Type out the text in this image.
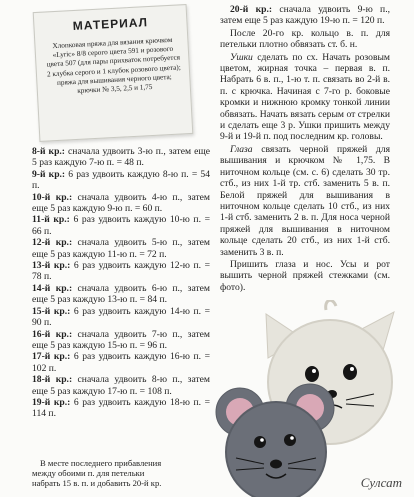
МАТЕРИАЛ
Хлопковая пряжа для вязания крючком «Lyric» 8/8 серого цвета 591 и розового цвета 507 (для пары прихваток потребуется 2 клубка серого и 1 клубок розового цвета); пряжа для вышивания черного цвета; крючки № 3,5, 2,5 и 1,75
8-й кр.: сначала удвоить 3-ю п., затем еще 5 раз каждую 7-ю п. = 48 п.
9-й кр.: 6 раз удвоить каждую 8-ю п. = 54 п.
10-й кр.: сначала удвоить 4-ю п., затем еще 5 раз каждую 9-ю п. = 60 п.
11-й кр.: 6 раз удвоить каждую 10-ю п. = 66 п.
12-й кр.: сначала удвоить 5-ю п., затем еще 5 раз каждую 11-ю п. = 72 п.
13-й кр.: 6 раз удвоить каждую 12-ю п. = 78 п.
14-й кр.: сначала удвоить 6-ю п., затем еще 5 раз каждую 13-ю п. = 84 п.
15-й кр.: 6 раз удвоить каждую 14-ю п. = 90 п.
16-й кр.: сначала удвоить 7-ю п., затем еще 5 раз каждую 15-ю п. = 96 п.
17-й кр.: 6 раз удвоить каждую 16-ю п. = 102 п.
18-й кр.: сначала удвоить 8-ю п., затем еще 5 раз каждую 17-ю п. = 108 п.
19-й кр.: 6 раз удвоить каждую 18-ю п. = 114 п.
В месте последнего прибавления между обоими п. для петельки набрать 15 в. п. и добавить 20-й кр.

20-й кр.: сначала удвоить 9-ю п., затем еще 5 раз каждую 19-ю п. = 120 п.

После 20-го кр. кольцо в. п. для петельки плотно обвязать ст. б. н.

Ушки сделать по сх. Начать розовым цветом, жирная точка – первая в. п. Набрать 6 в. п., 1-ю т. п. связать во 2-й в. п. с крючка. Начиная с 7-го р. боковые кромки и нижнюю кромку тонкой линии обвязать. Начать вязать серым от стрелки и сделать еще 3 р. Ушки пришить между 9-й и 19-й п. под последним кр. головы.

Глаза связать черной пряжей для вышивания и крючком № 1,75. В ниточном кольце (см. с. 6) сделать 30 тр. стб., из них 1-й тр. стб. заменить 5 в. п. Белой пряжей для вышивания в ниточном кольце сделать 10 стб., из них 1-й стб. заменить 2 в. п. Для носа черной пряжей для вышивания в ниточном кольце сделать 20 стб., из них 1-й стб. заменить 3 в. п.

Пришить глаза и нос. Усы и рот вышить черной пряжей стежками (см. фото).

Сулсат
